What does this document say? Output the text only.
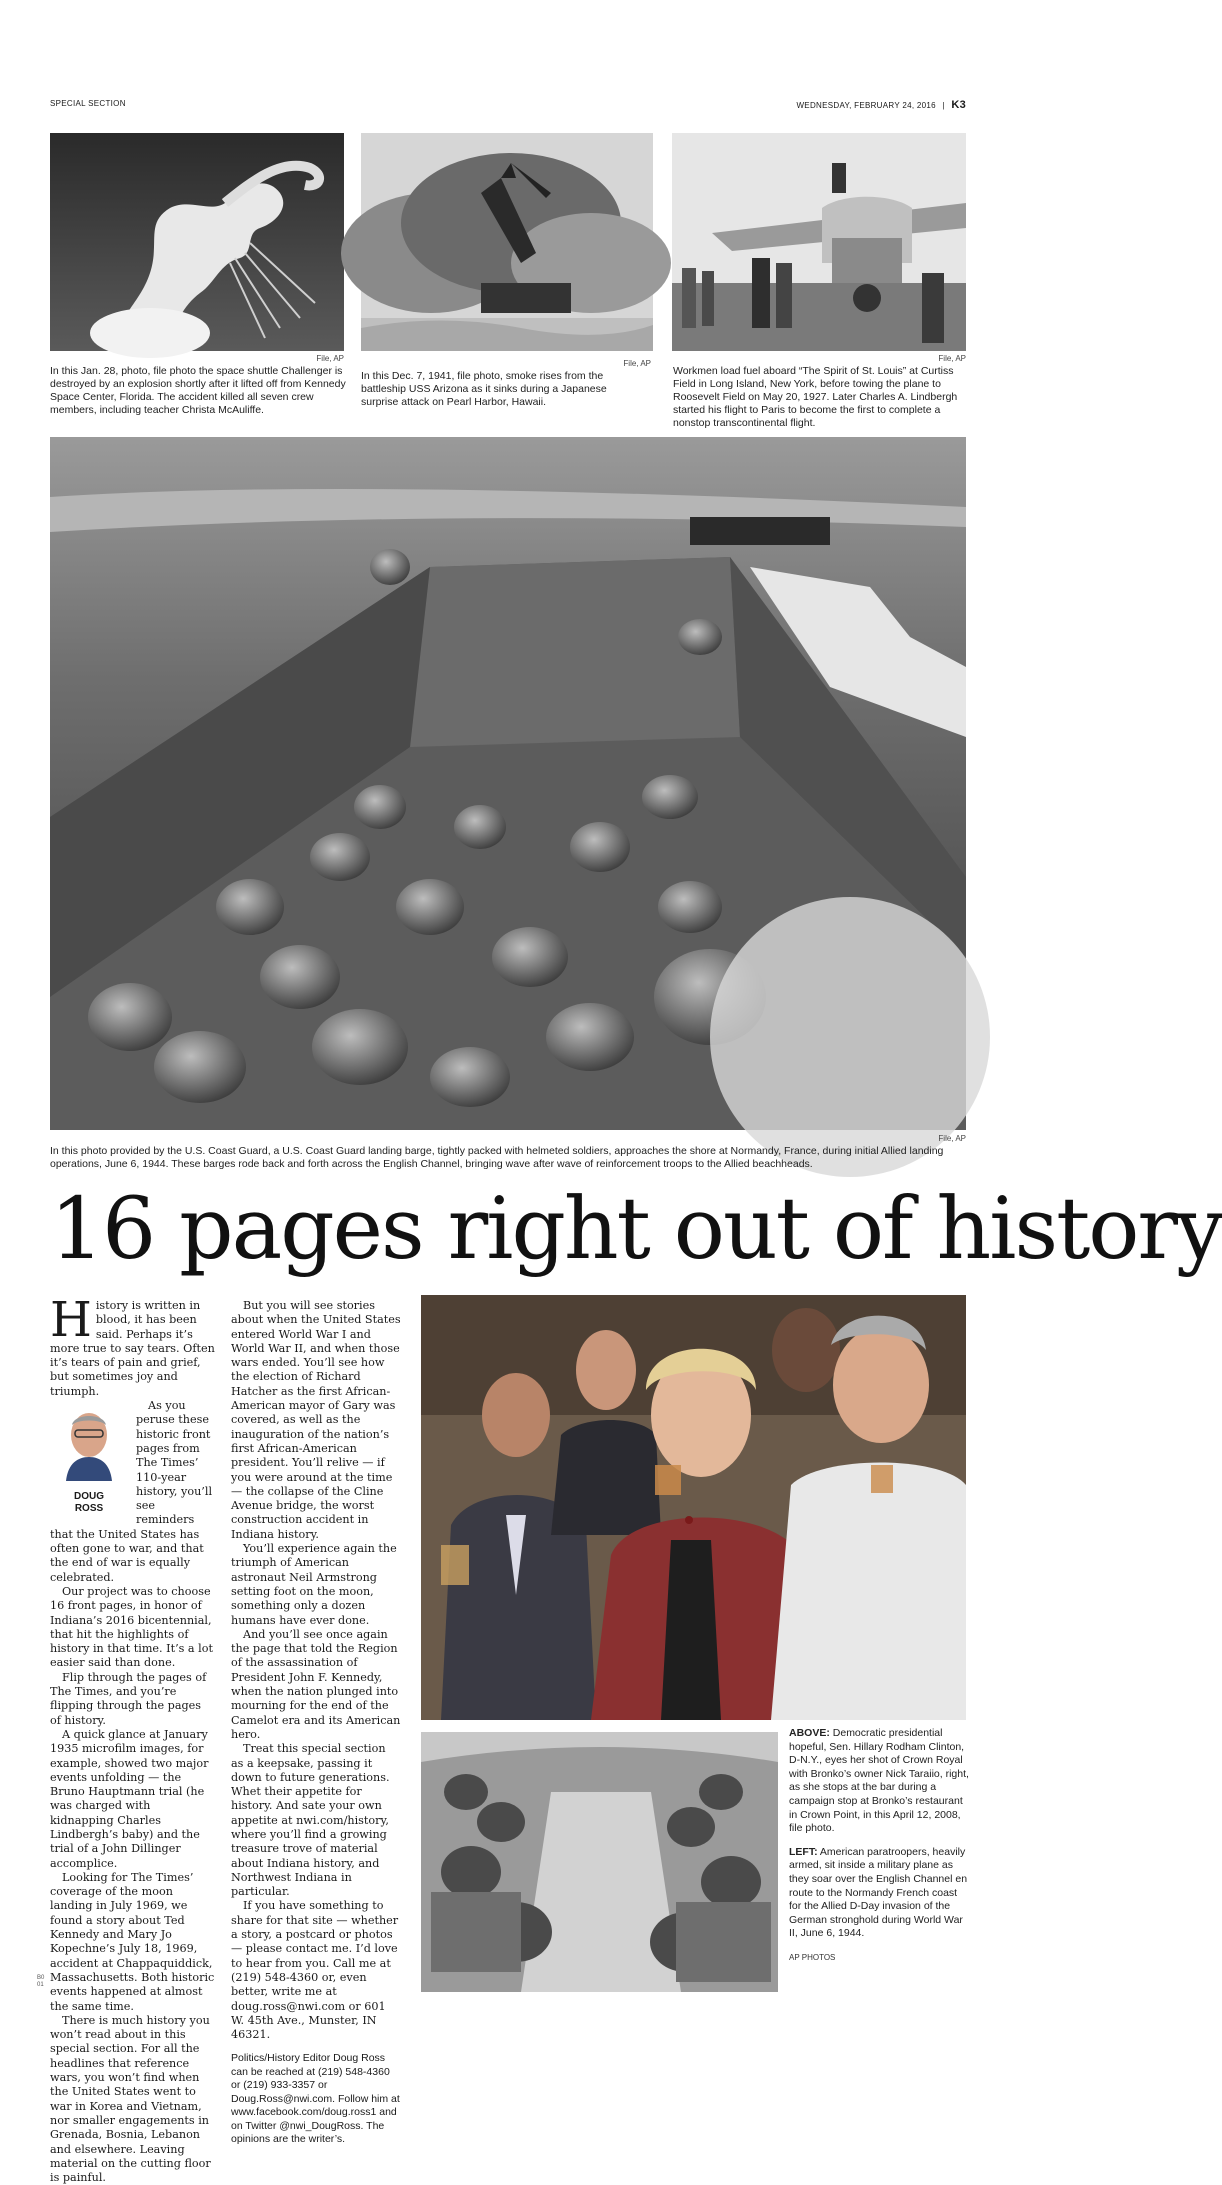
SPECIAL SECTION	WEDNESDAY, FEBRUARY 24, 2016 | K3
File, AP
In this Jan. 28, photo, file photo the space shuttle Challenger is destroyed by an explosion shortly after it lifted off from Kennedy Space Center, Florida. The accident killed all seven crew members, including teacher Christa McAuliffe.
File, AP
In this Dec. 7, 1941, file photo, smoke rises from the battleship USS Arizona as it sinks during a Japanese surprise attack on Pearl Harbor, Hawaii.
File, AP
Workmen load fuel aboard “The Spirit of St. Louis” at Curtiss Field in Long Island, New York, before towing the plane to Roosevelt Field on May 20, 1927. Later Charles A. Lindbergh started his flight to Paris to become the first to complete a nonstop transcontinental flight.
File, AP
In this photo provided by the U.S. Coast Guard, a U.S. Coast Guard landing barge, tightly packed with helmeted soldiers, approaches the shore at Normandy, France, during initial Allied landing operations, June 6, 1944. These barges rode back and forth across the English Channel, bringing wave after wave of reinforcement troops to the Allied beachheads.
16 pages right out of history

History is written in blood, it has been said. Perhaps it’s more true to say tears. Often it’s tears of pain and grief, but sometimes joy and triumph.

DOUG
ROSS

As you peruse these historic front pages from The Times’ 110-year history, you’ll see reminders that the United States has often gone to war, and that the end of war is equally celebrated.

Our project was to choose 16 front pages, in honor of Indiana’s 2016 bicentennial, that hit the highlights of history in that time. It’s a lot easier said than done.

Flip through the pages of The Times, and you’re flipping through the pages of history.

A quick glance at January 1935 microfilm images, for example, showed two major events unfolding — the Bruno Hauptmann trial (he was charged with kidnapping Charles Lindbergh’s baby) and the trial of a John Dillinger accomplice.

Looking for The Times’ coverage of the moon landing in July 1969, we found a story about Ted Kennedy and Mary Jo Kopechne’s July 18, 1969, accident at Chappaquiddick, Massachusetts. Both historic events happened at almost the same time.

There is much history you won’t read about in this special section. For all the headlines that reference wars, you won’t find when the United States went to war in Korea and Vietnam, nor smaller engagements in Grenada, Bosnia, Lebanon and elsewhere. Leaving material on the cutting floor is painful.

But you will see stories about when the United States entered World War I and World War II, and when those wars ended. You’ll see how the election of Richard Hatcher as the first African-American mayor of Gary was covered, as well as the inauguration of the nation’s first African-American president. You’ll relive — if you were around at the time — the collapse of the Cline Avenue bridge, the worst construction accident in Indiana history.

You’ll experience again the triumph of American astronaut Neil Armstrong setting foot on the moon, something only a dozen humans have ever done.

And you’ll see once again the page that told the Region of the assassination of President John F. Kennedy, when the nation plunged into mourning for the end of the Camelot era and its American hero.

Treat this special section as a keepsake, passing it down to future generations. Whet their appetite for history. And sate your own appetite at nwi.com/history, where you’ll find a growing treasure trove of material about Indiana history, and Northwest Indiana in particular.

If you have something to share for that site — whether a story, a postcard or photos — please contact me. I’d love to hear from you. Call me at (219) 548-4360 or, even better, write me at doug.ross@nwi.com or 601 W. 45th Ave., Munster, IN 46321.

Politics/History Editor Doug Ross can be reached at (219) 548-4360 or (219) 933-3357 or Doug.Ross@nwi.com. Follow him at www.facebook.com/doug.ross1 and on Twitter @nwi_DougRoss. The opinions are the writer’s.

ABOVE: Democratic presidential hopeful, Sen. Hillary Rodham Clinton, D-N.Y., eyes her shot of Crown Royal with Bronko’s owner Nick Taraiio, right, as she stops at the bar during a campaign stop at Bronko’s restaurant in Crown Point, in this April 12, 2008, file photo.

LEFT: American paratroopers, heavily armed, sit inside a military plane as they soar over the English Channel en route to the Normandy French coast for the Allied D-Day invasion of the German stronghold during World War II, June 6, 1944.

AP PHOTOS
B0
01
